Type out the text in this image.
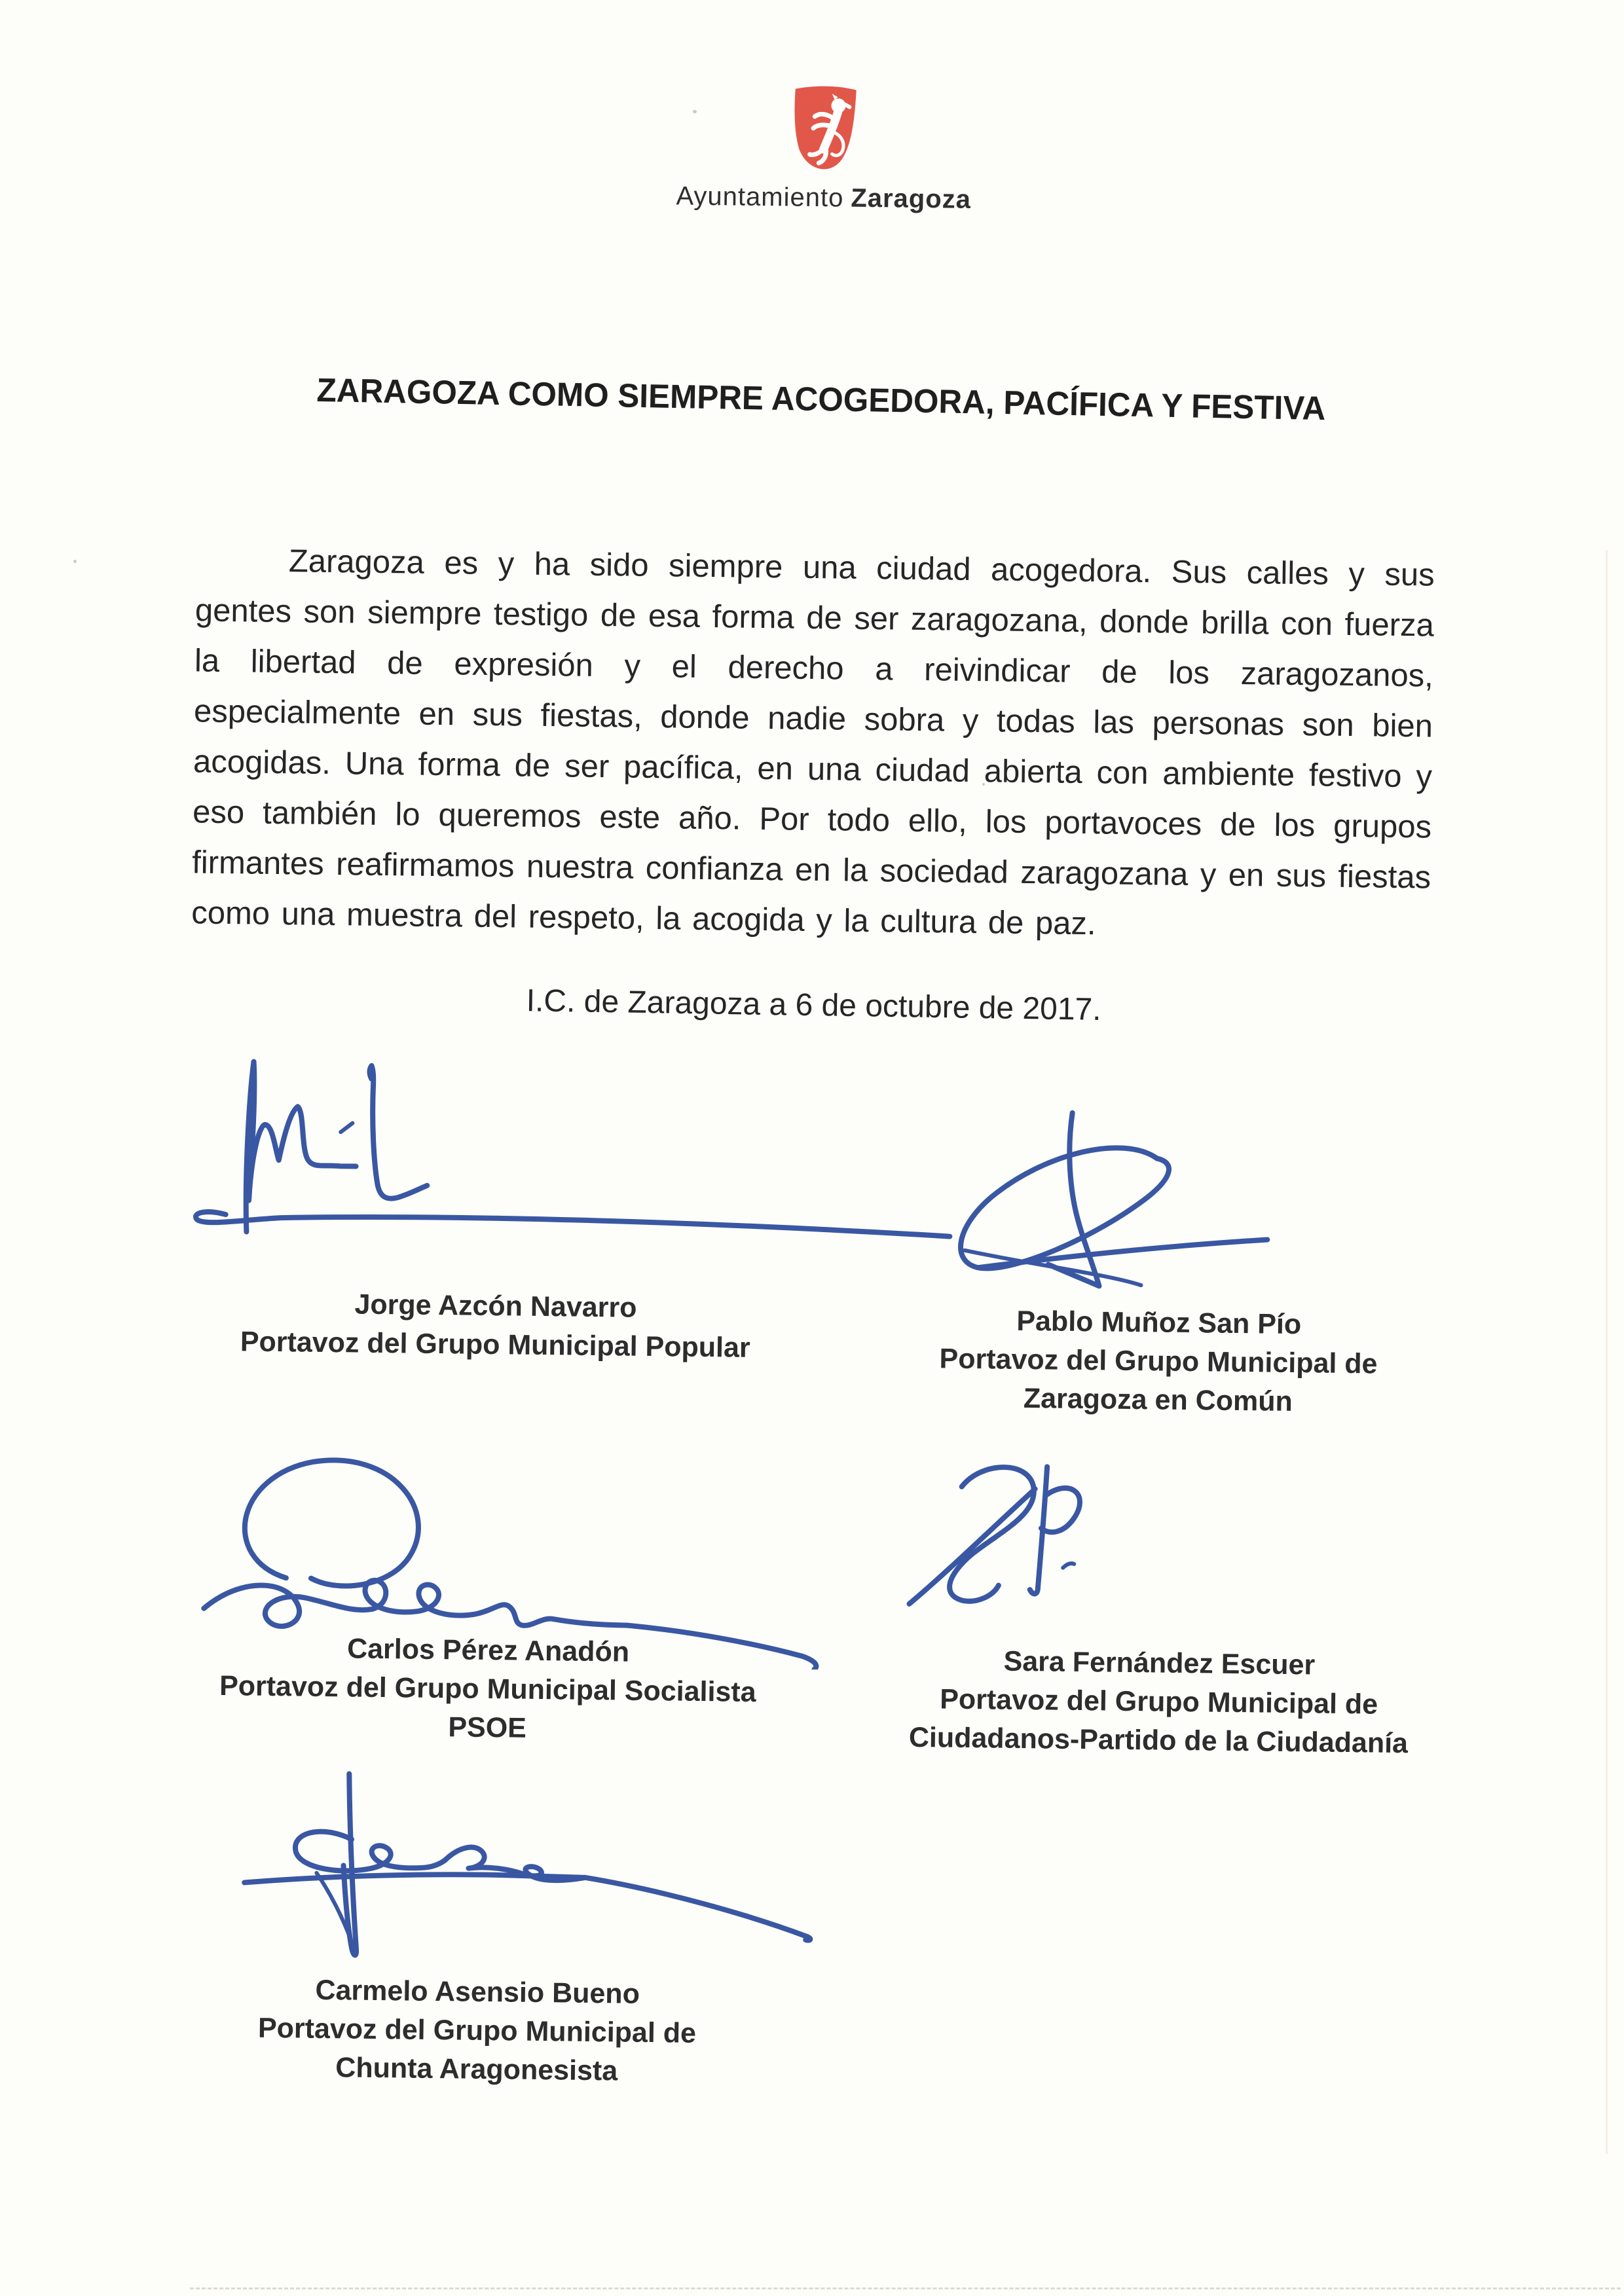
Ayuntamiento Zaragoza
ZARAGOZA COMO SIEMPRE ACOGEDORA, PACÍFICA Y FESTIVA

Zaragoza es y ha sido siempre una ciudad acogedora. Sus calles y sus gentes son siempre testigo de esa forma de ser zaragozana, donde brilla con fuerza la libertad de expresión y el derecho a reivindicar de los zaragozanos, especialmente en sus fiestas, donde nadie sobra y todas las personas son bien acogidas. Una forma de ser pacífica, en una ciudad abierta con ambiente festivo y eso también lo queremos este año. Por todo ello, los portavoces de los grupos firmantes reafirmamos nuestra confianza en la sociedad zaragozana y en sus fiestas como una muestra del respeto, la acogida y la cultura de paz.

I.C. de Zaragoza a 6 de octubre de 2017.
Jorge Azcón Navarro
Portavoz del Grupo Municipal Popular
Pablo Muñoz San Pío
Portavoz del Grupo Municipal de
Zaragoza en Común
Carlos Pérez Anadón
Portavoz del Grupo Municipal Socialista
PSOE
Sara Fernández Escuer
Portavoz del Grupo Municipal de
Ciudadanos-Partido de la Ciudadanía
Carmelo Asensio Bueno
Portavoz del Grupo Municipal de
Chunta Aragonesista
